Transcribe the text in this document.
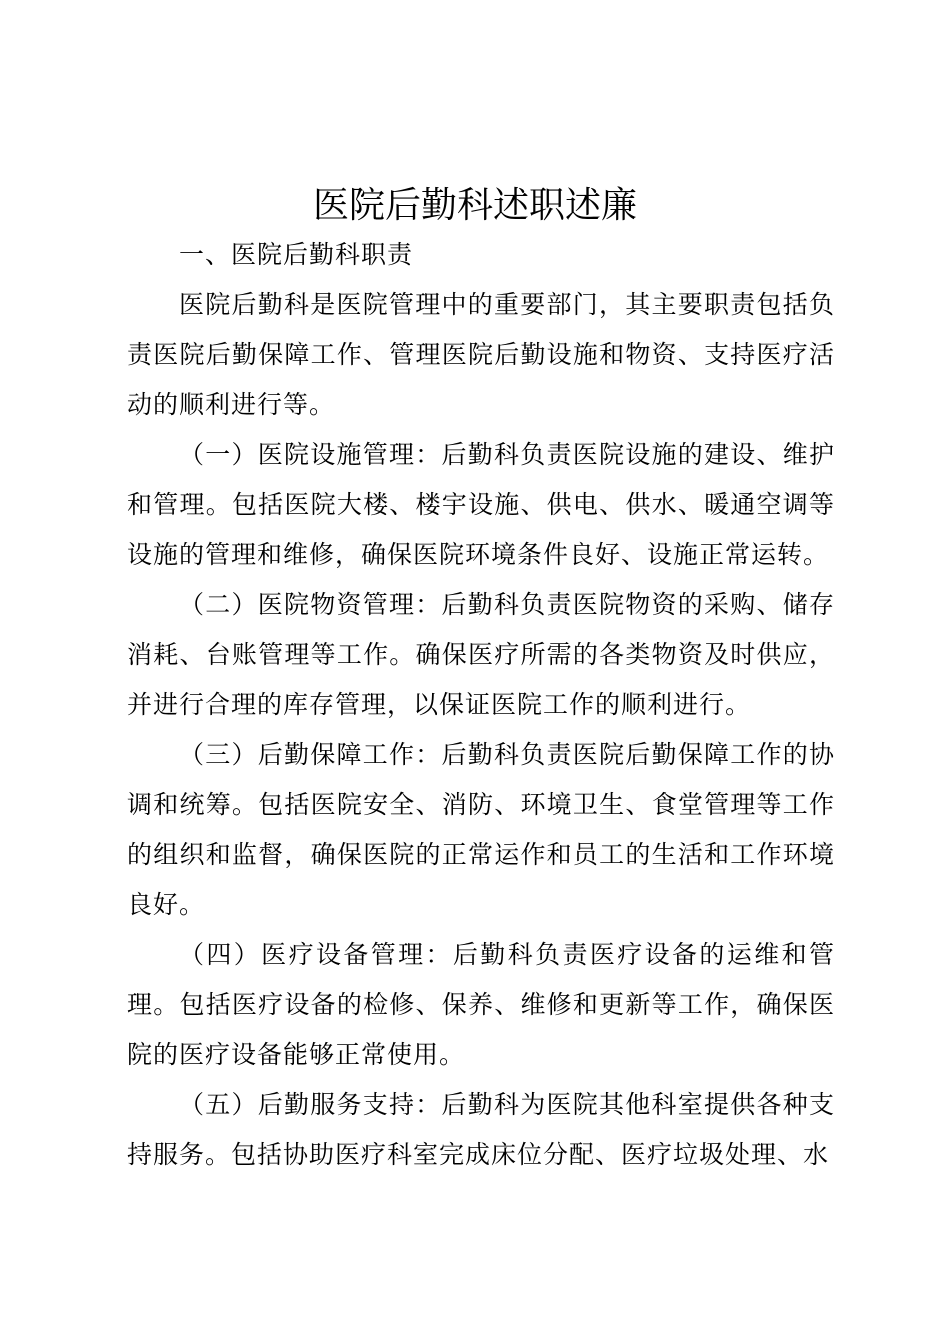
医院后勤科述职述廉

一、医院后勤科职责

医院后勤科是医院管理中的重要部门，其主要职责包括负责医院后勤保障工作、管理医院后勤设施和物资、支持医疗活动的顺利进行等。

（一）医院设施管理：后勤科负责医院设施的建设、维护和管理。包括医院大楼、楼宇设施、供电、供水、暖通空调等设施的管理和维修，确保医院环境条件良好、设施正常运转。

（二）医院物资管理：后勤科负责医院物资的采购、储存消耗、台账管理等工作。确保医疗所需的各类物资及时供应，并进行合理的库存管理，以保证医院工作的顺利进行。

（三）后勤保障工作：后勤科负责医院后勤保障工作的协调和统筹。包括医院安全、消防、环境卫生、食堂管理等工作的组织和监督，确保医院的正常运作和员工的生活和工作环境良好。

（四）医疗设备管理：后勤科负责医疗设备的运维和管理。包括医疗设备的检修、保养、维修和更新等工作，确保医院的医疗设备能够正常使用。

（五）后勤服务支持：后勤科为医院其他科室提供各种支持服务。包括协助医疗科室完成床位分配、医疗垃圾处理、水
